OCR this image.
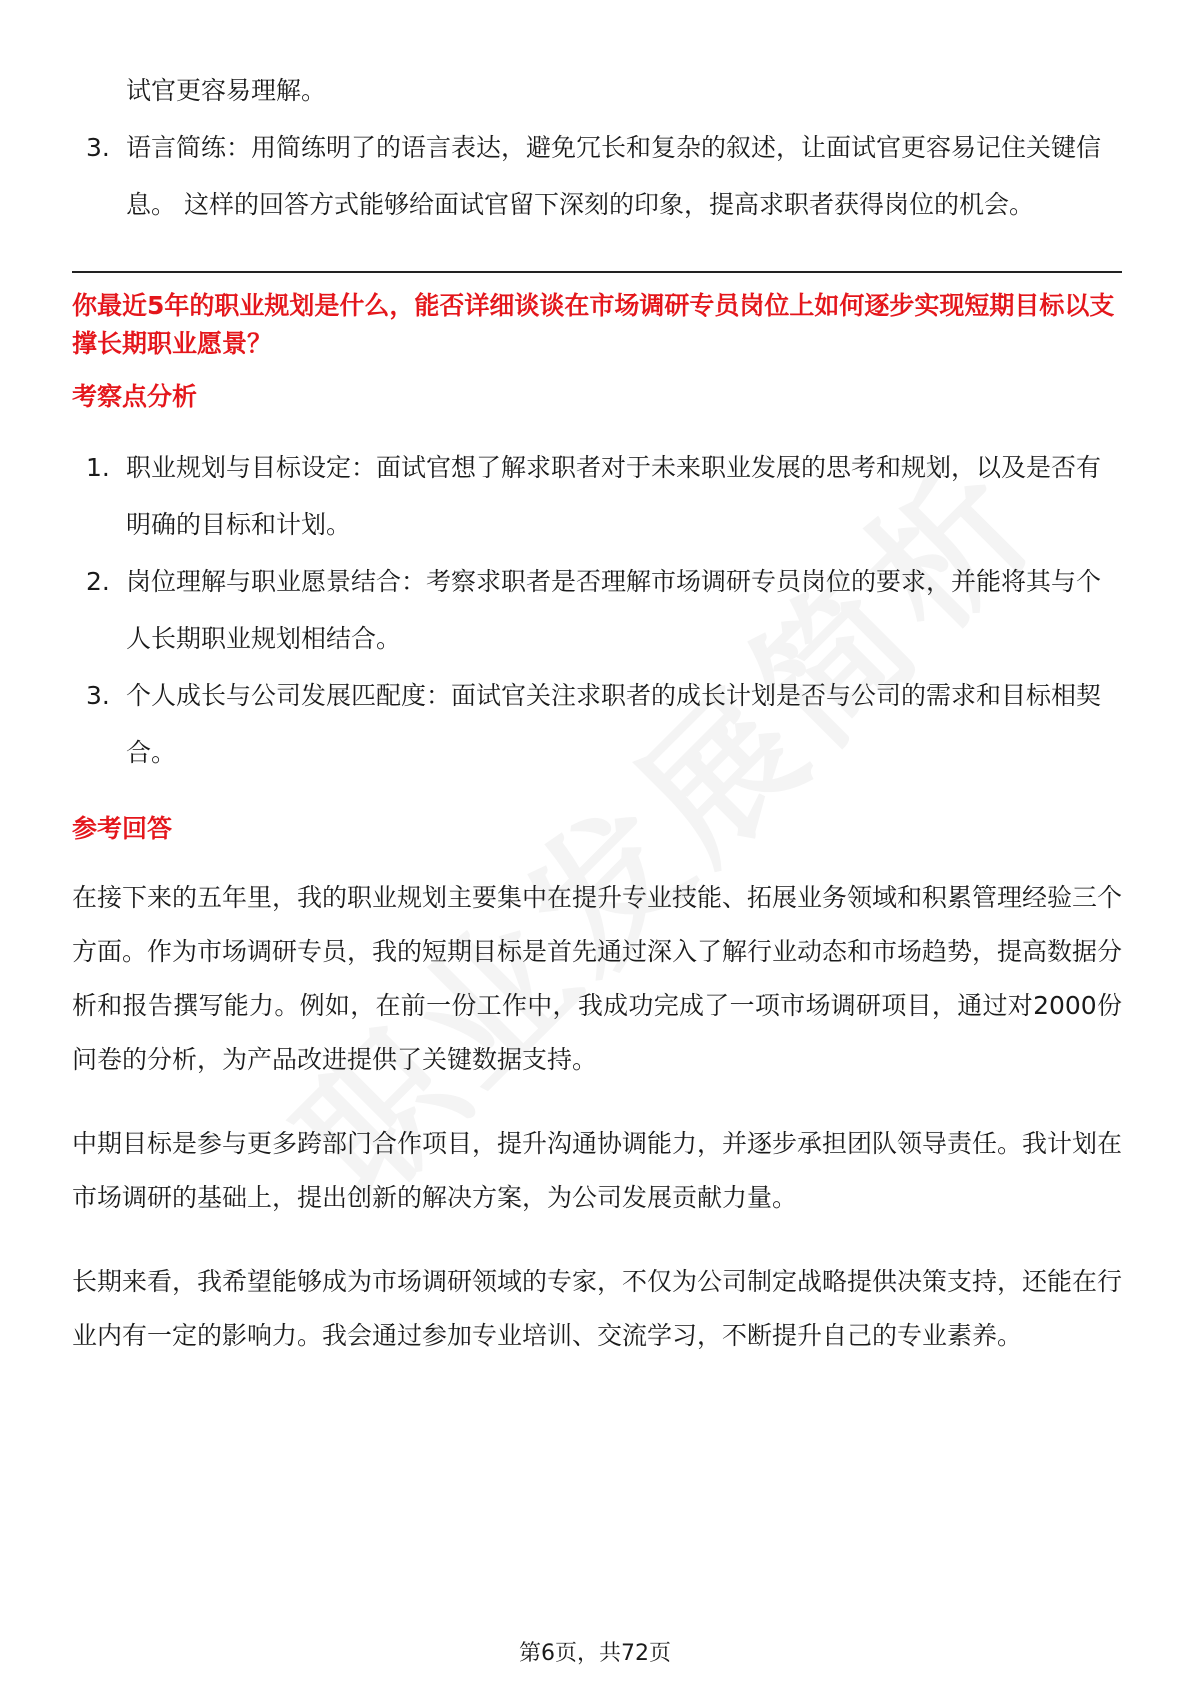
试官更容易理解。
3. 语言简练：用简练明了的语言表达，避免冗长和复杂的叙述，让面试官更容易记住关键信息。 这样的回答方式能够给面试官留下深刻的印象，提高求职者获得岗位的机会。

你最近5年的职业规划是什么，能否详细谈谈在市场调研专员岗位上如何逐步实现短期目标以支撑长期职业愿景？

考察点分析
1. 职业规划与目标设定：面试官想了解求职者对于未来职业发展的思考和规划，以及是否有明确的目标和计划。
2. 岗位理解与职业愿景结合：考察求职者是否理解市场调研专员岗位的要求，并能将其与个人长期职业规划相结合。
3. 个人成长与公司发展匹配度：面试官关注求职者的成长计划是否与公司的需求和目标相契合。
参考回答

在接下来的五年里，我的职业规划主要集中在提升专业技能、拓展业务领域和积累管理经验三个方面。作为市场调研专员，我的短期目标是首先通过深入了解行业动态和市场趋势，提高数据分析和报告撰写能力。例如，在前一份工作中，我成功完成了一项市场调研项目，通过对2000份问卷的分析，为产品改进提供了关键数据支持。

中期目标是参与更多跨部门合作项目，提升沟通协调能力，并逐步承担团队领导责任。我计划在市场调研的基础上，提出创新的解决方案，为公司发展贡献力量。

长期来看，我希望能够成为市场调研领域的专家，不仅为公司制定战略提供决策支持，还能在行业内有一定的影响力。我会通过参加专业培训、交流学习，不断提升自己的专业素养。

第6页，共72页
